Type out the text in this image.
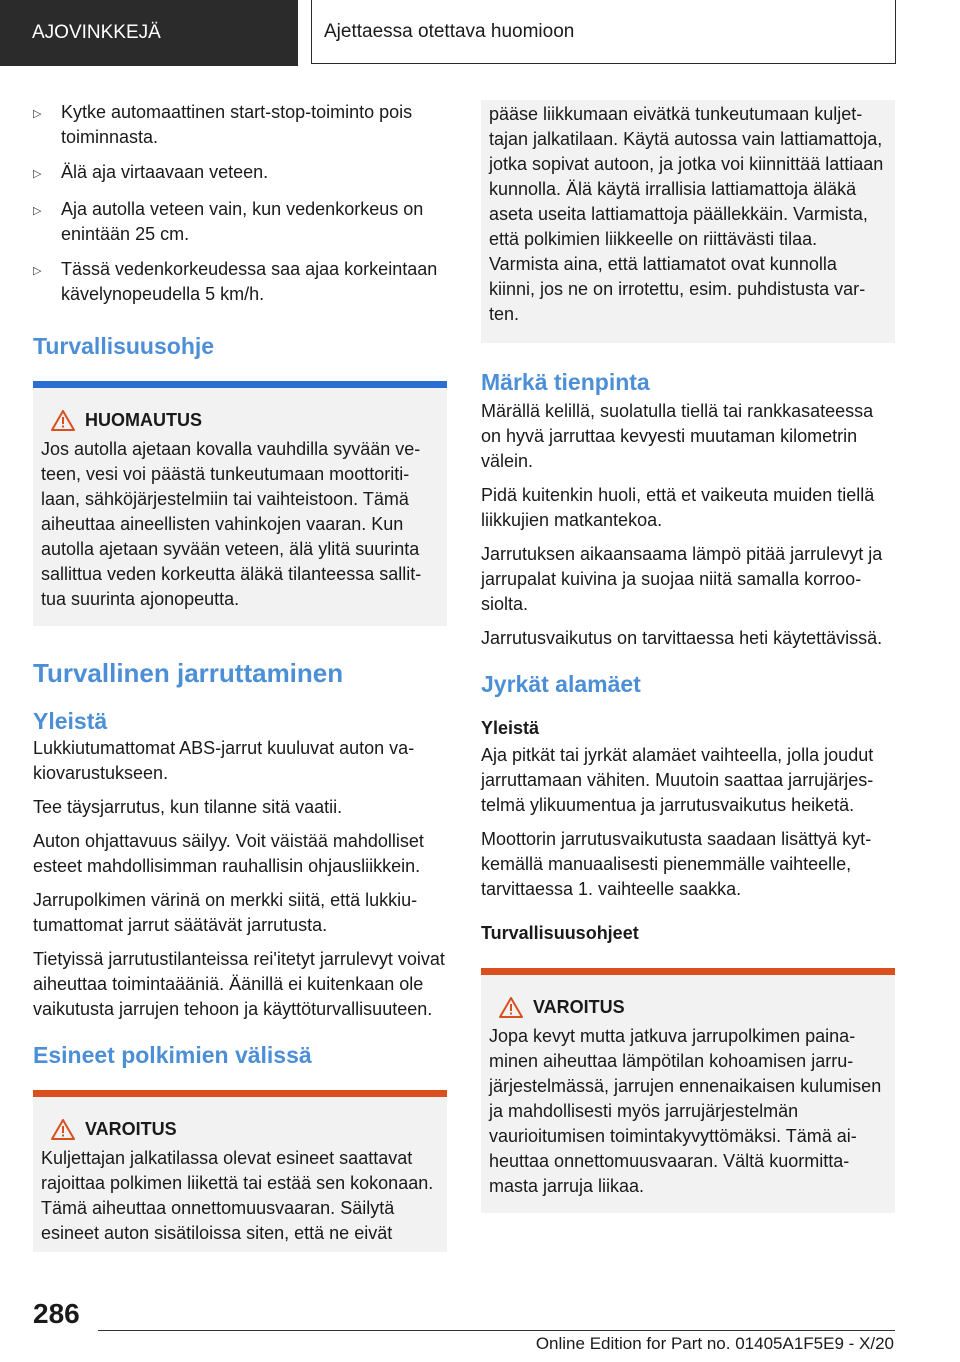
AJOVINKKEJÄ	Ajettaessa otettava huomioon
▷	Kytke automaattinen start-stop-toiminto pois toiminnasta.
▷	Älä aja virtaavaan veteen.
▷	Aja autolla veteen vain, kun vedenkorkeus on enintään 25 cm.
▷	Tässä vedenkorkeudessa saa ajaa korkeintaan kävelynopeudella 5 km/h.
Turvallisuusohje
HUOMAUTUS

Jos autolla ajetaan kovalla vauhdilla syvään veteen, vesi voi päästä tunkeutumaan moottoritilaan, sähköjärjestelmiin tai vaihteistoon. Tämä aiheuttaa aineellisten vahinkojen vaaran. Kun autolla ajetaan syvään veteen, älä ylitä suurinta sallittua veden korkeutta äläkä tilanteessa sallittua suurinta ajonopeutta.

Turvallinen jarruttaminen
Yleistä

Lukkiutumattomat ABS-jarrut kuuluvat auton vakiovarustukseen.

Tee täysjarrutus, kun tilanne sitä vaatii.

Auton ohjattavuus säilyy. Voit väistää mahdolliset esteet mahdollisimman rauhallisin ohjausliikkein.

Jarrupolkimen värinä on merkki siitä, että lukkiutumattomat jarrut säätävät jarrutusta.

Tietyissä jarrutustilanteissa rei'itetyt jarrulevyt voivat aiheuttaa toimintaääniä. Äänillä ei kuitenkaan ole vaikutusta jarrujen tehoon ja käyttöturvallisuuteen.

Esineet polkimien välissä
VAROITUS

Kuljettajan jalkatilassa olevat esineet saattavat rajoittaa polkimen liikettä tai estää sen kokonaan. Tämä aiheuttaa onnettomuusvaaran. Säilytä esineet auton sisätiloissa siten, että ne eivät

pääse liikkumaan eivätkä tunkeutumaan kuljettajan jalkatilaan. Käytä autossa vain lattiamattoja, jotka sopivat autoon, ja jotka voi kiinnittää lattiaan kunnolla. Älä käytä irrallisia lattiamattoja äläkä aseta useita lattiamattoja päällekkäin. Varmista, että polkimien liikkeelle on riittävästi tilaa. Varmista aina, että lattiamatot ovat kunnolla kiinni, jos ne on irrotettu, esim. puhdistusta varten.

Märkä tienpinta

Märällä kelillä, suolatulla tiellä tai rankkasateessa on hyvä jarruttaa kevyesti muutaman kilometrin välein.

Pidä kuitenkin huoli, että et vaikeuta muiden tiellä liikkujien matkantekoa.

Jarrutuksen aikaansaama lämpö pitää jarrulevyt ja jarrupalat kuivina ja suojaa niitä samalla korroosiolta.

Jarrutusvaikutus on tarvittaessa heti käytettävissä.

Jyrkät alamäet
Yleistä

Aja pitkät tai jyrkät alamäet vaihteella, jolla joudut jarruttamaan vähiten. Muutoin saattaa jarrujärjestelmä ylikuumentua ja jarrutusvaikutus heiketä.

Moottorin jarrutusvaikutusta saadaan lisättyä kytkemällä manuaalisesti pienemmälle vaihteelle, tarvittaessa 1. vaihteelle saakka.

Turvallisuusohjeet
VAROITUS

Jopa kevyt mutta jatkuva jarrupolkimen painaminen aiheuttaa lämpötilan kohoamisen jarrujärjestelmässä, jarrujen ennenaikaisen kulumisen ja mahdollisesti myös jarrujärjestelmän vaurioitumisen toimintakyvyttömäksi. Tämä aiheuttaa onnettomuusvaaran. Vältä kuormittamasta jarruja liikaa.

286
Online Edition for Part no. 01405A1F5E9 - X/20
